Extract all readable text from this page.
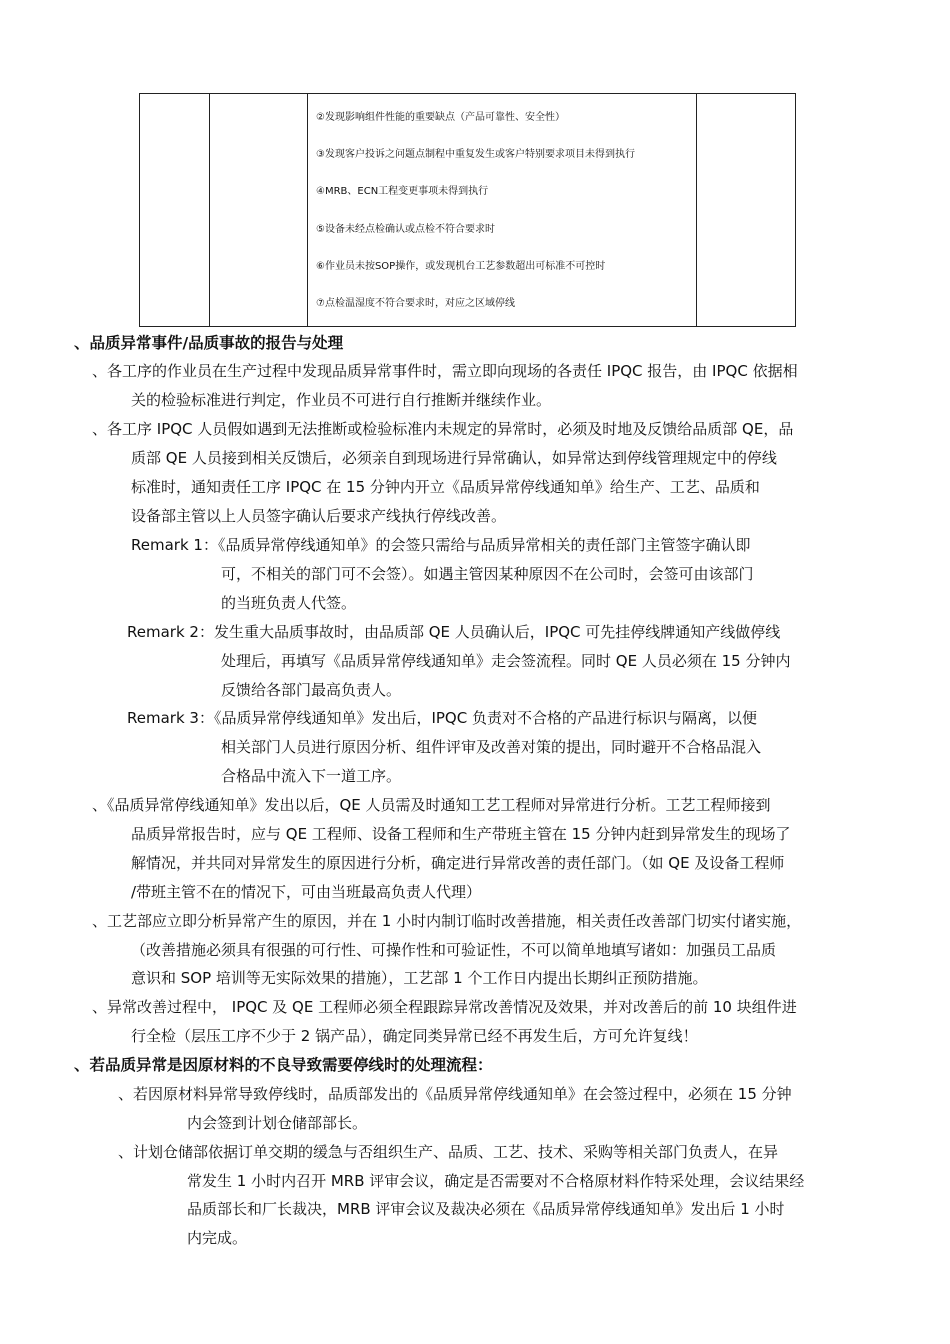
②发现影响组件性能的重要缺点（产品可靠性、安全性）
③发现客户投诉之问题点制程中重复发生或客户特别要求项目未得到执行
④MRB、ECN工程变更事项未得到执行
⑤设备未经点检确认或点检不符合要求时
⑥作业员未按SOP操作，或发现机台工艺参数超出可标准不可控时
⑦点检温湿度不符合要求时，对应之区域停线
、品质异常事件/品质事故的报告与处理
、各工序的作业员在生产过程中发现品质异常事件时，需立即向现场的各责任 IPQC 报告，由 IPQC 依据相
关的检验标准进行判定，作业员不可进行自行推断并继续作业。
、各工序 IPQC 人员假如遇到无法推断或检验标准内未规定的异常时，必须及时地及反馈给品质部 QE，品
质部 QE 人员接到相关反馈后，必须亲自到现场进行异常确认，如异常达到停线管理规定中的停线
标准时，通知责任工序 IPQC 在 15 分钟内开立《品质异常停线通知单》给生产、工艺、品质和
设备部主管以上人员签字确认后要求产线执行停线改善。
Remark 1：《品质异常停线通知单》的会签只需给与品质异常相关的责任部门主管签字确认即
可，不相关的部门可不会签）。如遇主管因某种原因不在公司时，会签可由该部门
的当班负责人代签。
Remark 2：发生重大品质事故时，由品质部 QE 人员确认后，IPQC 可先挂停线牌通知产线做停线
处理后，再填写《品质异常停线通知单》走会签流程。同时 QE 人员必须在 15 分钟内
反馈给各部门最高负责人。
Remark 3：《品质异常停线通知单》发出后，IPQC 负责对不合格的产品进行标识与隔离，以便
相关部门人员进行原因分析、组件评审及改善对策的提出，同时避开不合格品混入
合格品中流入下一道工序。
、《品质异常停线通知单》发出以后，QE 人员需及时通知工艺工程师对异常进行分析。工艺工程师接到
品质异常报告时，应与 QE 工程师、设备工程师和生产带班主管在 15 分钟内赶到异常发生的现场了
解情况，并共同对异常发生的原因进行分析，确定进行异常改善的责任部门。（如 QE 及设备工程师
/带班主管不在的情况下，可由当班最高负责人代理）
、工艺部应立即分析异常产生的原因，并在 1 小时内制订临时改善措施，相关责任改善部门切实付诸实施，
（改善措施必须具有很强的可行性、可操作性和可验证性，不可以简单地填写诸如：加强员工品质
意识和 SOP 培训等无实际效果的措施），工艺部 1 个工作日内提出长期纠正预防措施。
、异常改善过程中， IPQC 及 QE 工程师必须全程跟踪异常改善情况及效果，并对改善后的前 10 块组件进
行全检（层压工序不少于 2 锅产品），确定同类异常已经不再发生后，方可允许复线！
、若品质异常是因原材料的不良导致需要停线时的处理流程：
、若因原材料异常导致停线时，品质部发出的《品质异常停线通知单》在会签过程中，必须在 15 分钟
内会签到计划仓储部部长。
、计划仓储部依据订单交期的缓急与否组织生产、品质、工艺、技术、采购等相关部门负责人，在异
常发生 1 小时内召开 MRB 评审会议，确定是否需要对不合格原材料作特采处理，会议结果经
品质部长和厂长裁决，MRB 评审会议及裁决必须在《品质异常停线通知单》发出后 1 小时
内完成。
